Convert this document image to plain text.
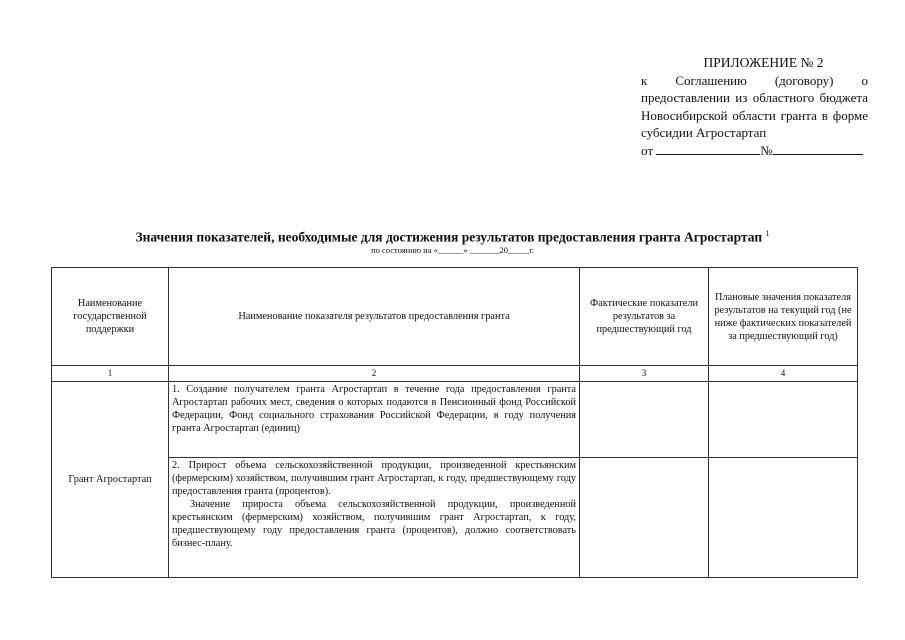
ПРИЛОЖЕНИЕ № 2
к Соглашению (договору) о предоставлении из областного бюджета Новосибирской области гранта в форме субсидии Агростартап
от	№
Значения показателей, необходимые для достижения результатов предоставления гранта Агростартап $^1$
по состоянию на «______» _______20_____г.
Наименование государственной поддержки	Наименование показателя результатов предоставления гранта	Фактические показатели результатов за предшествующий год	Плановые значения показателя результатов на текущий год (не ниже фактических показателей за предшествующий год)
1	2	3	4
Грант Агростартап	1. Создание получателем гранта Агростартап в течение года предоставления гранта Агростартап рабочих мест, сведения о которых подаются в Пенсионный фонд Российской Федерации, Фонд социального страхования Российской Федерации, в году получения гранта Агростартап (единиц)		

	2. Прирост объема сельскохозяйственной продукции, произведенной крестьянским (фермерским) хозяйством, получившим грант Агростартап, к году, предшествующему году предоставления гранта (процентов).

Значение прироста объема сельскохозяйственной продукции, произведенной крестьянским (фермерским) хозяйством, получившим грант Агростартап, к году, предшествующему году предоставления гранта (процентов), должно соответствовать бизнес-плану.		
